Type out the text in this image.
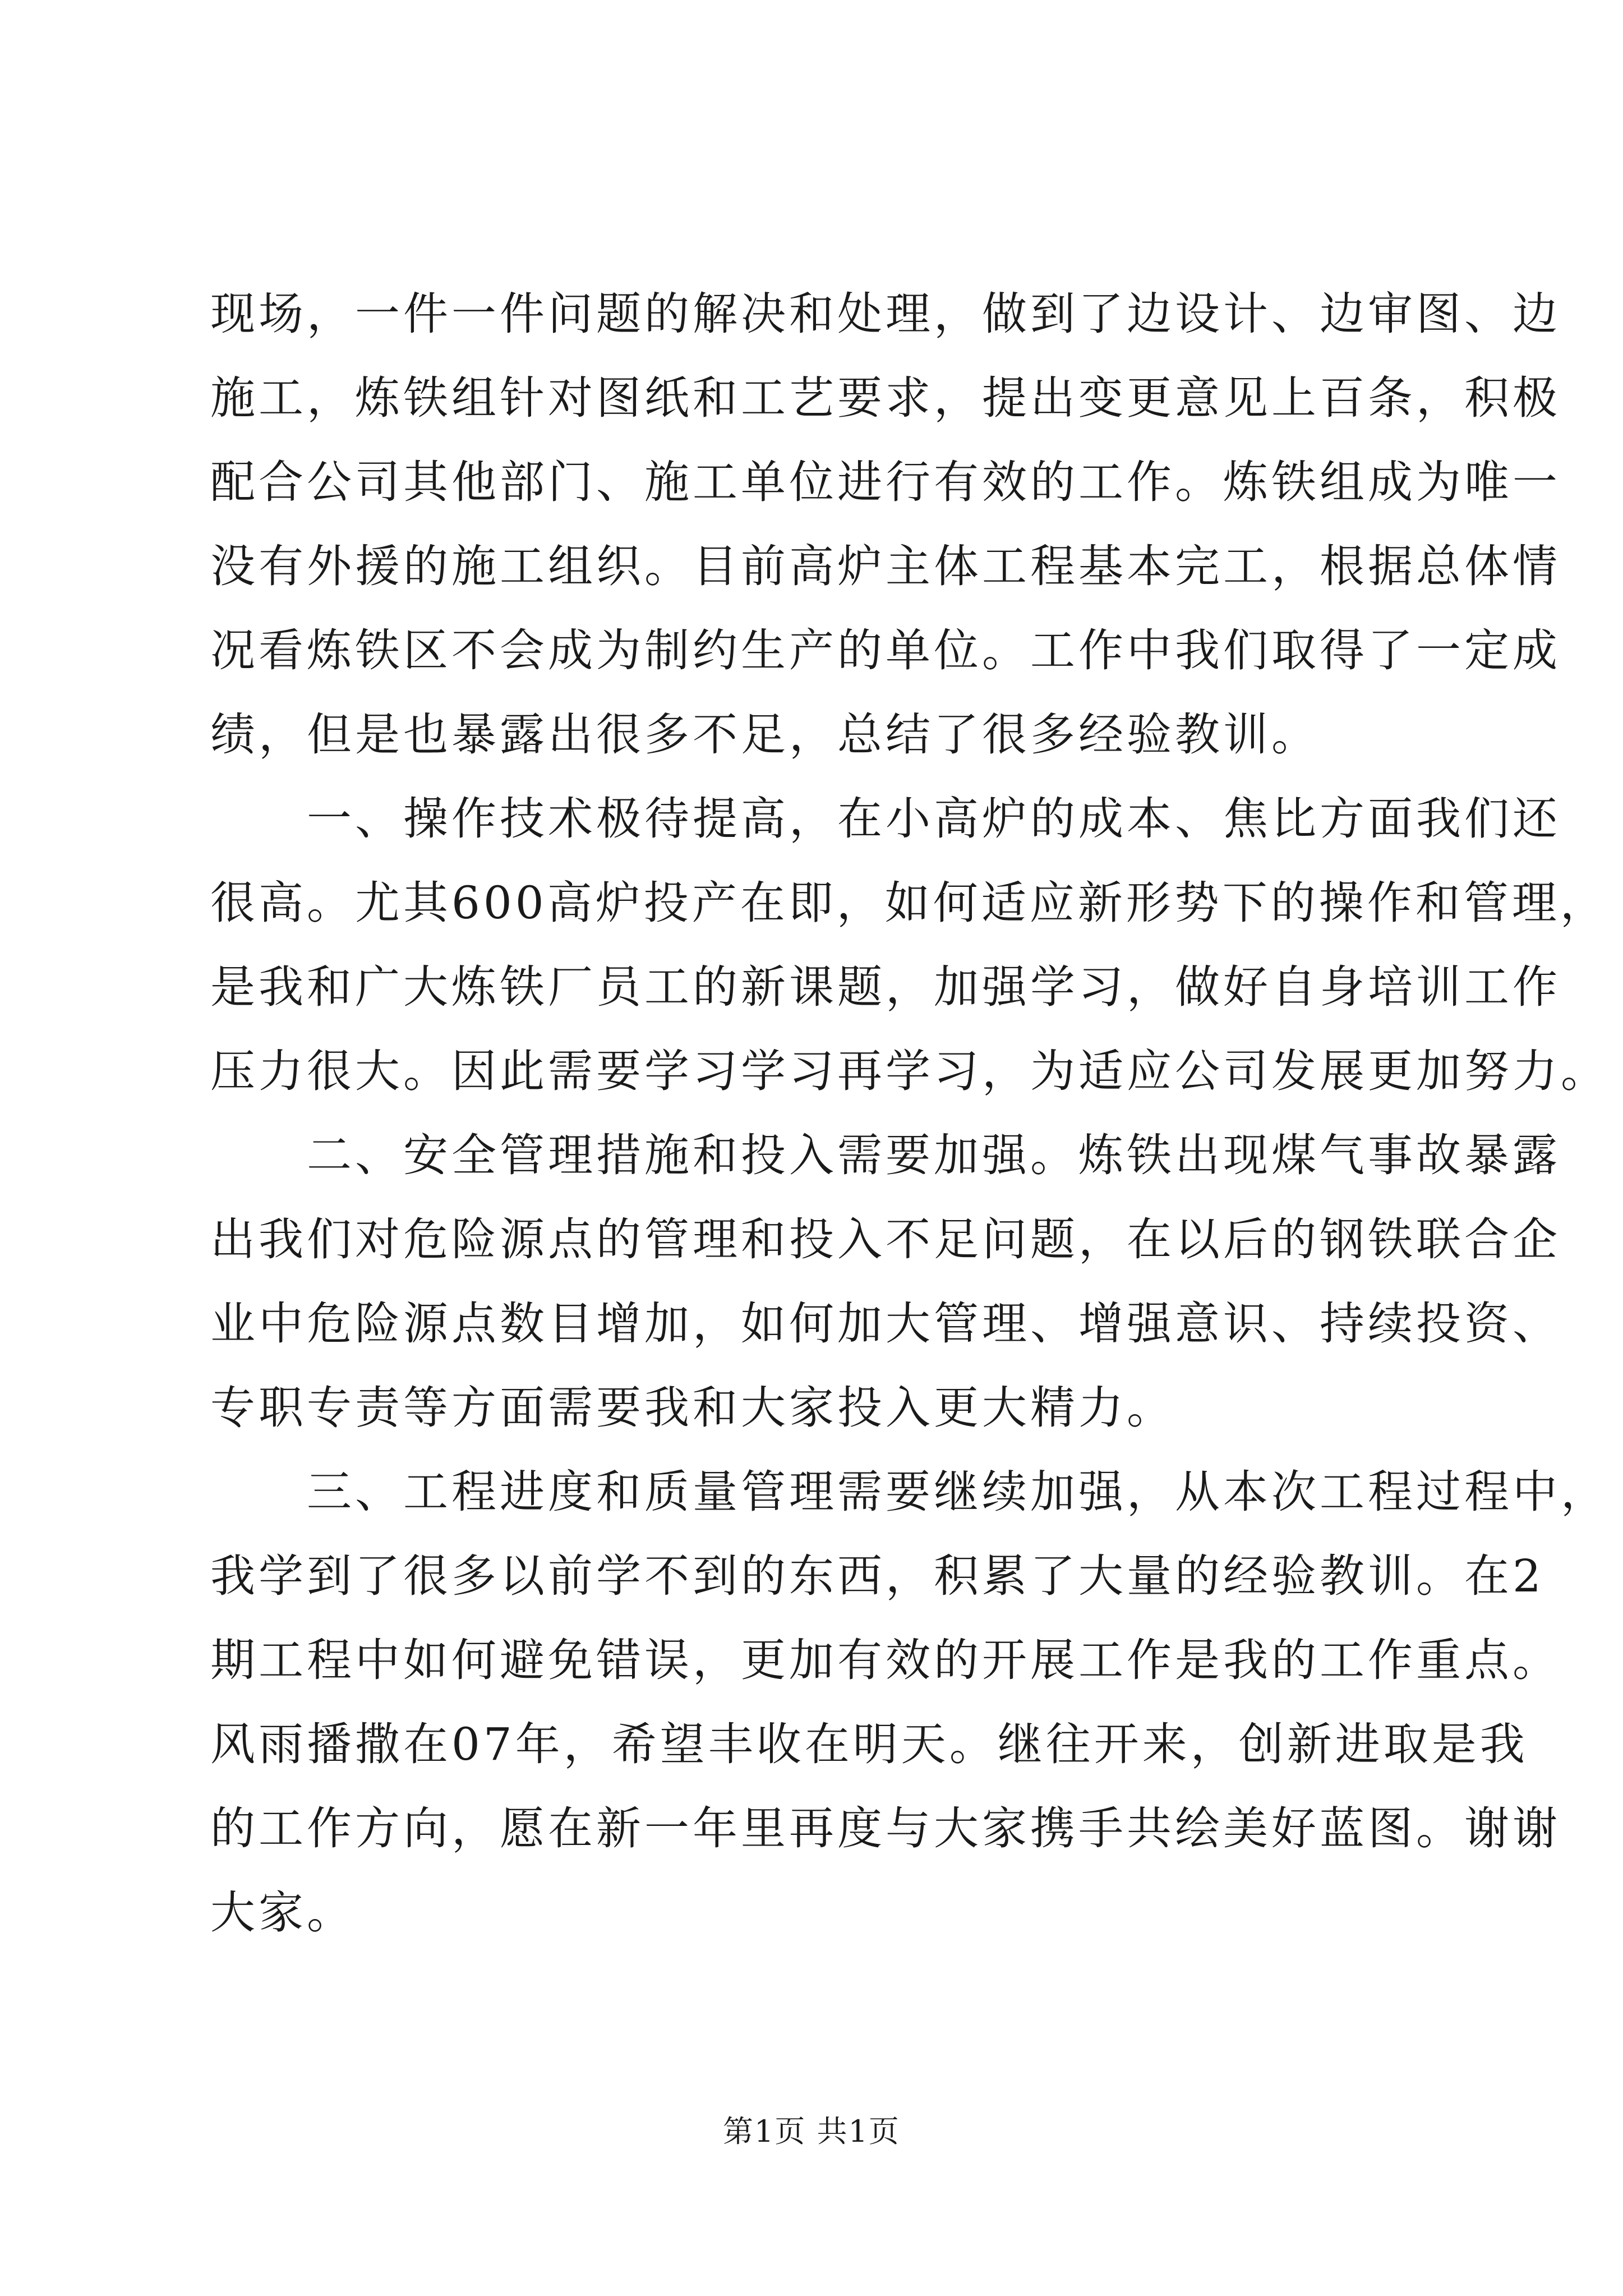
现场，一件一件问题的解决和处理，做到了边设计、边审图、边
施工，炼铁组针对图纸和工艺要求，提出变更意见上百条，积极
配合公司其他部门、施工单位进行有效的工作。炼铁组成为唯一
没有外援的施工组织。目前高炉主体工程基本完工，根据总体情
况看炼铁区不会成为制约生产的单位。工作中我们取得了一定成
绩，但是也暴露出很多不足，总结了很多经验教训。
　　一、操作技术极待提高，在小高炉的成本、焦比方面我们还
很高。尤其600高炉投产在即，如何适应新形势下的操作和管理，
是我和广大炼铁厂员工的新课题，加强学习，做好自身培训工作
压力很大。因此需要学习学习再学习，为适应公司发展更加努力。
　　二、安全管理措施和投入需要加强。炼铁出现煤气事故暴露
出我们对危险源点的管理和投入不足问题，在以后的钢铁联合企
业中危险源点数目增加，如何加大管理、增强意识、持续投资、
专职专责等方面需要我和大家投入更大精力。
　　三、工程进度和质量管理需要继续加强，从本次工程过程中，
我学到了很多以前学不到的东西，积累了大量的经验教训。在2
期工程中如何避免错误，更加有效的开展工作是我的工作重点。
风雨播撒在07年，希望丰收在明天。继往开来，创新进取是我
的工作方向，愿在新一年里再度与大家携手共绘美好蓝图。谢谢
大家。
第1页 共1页
